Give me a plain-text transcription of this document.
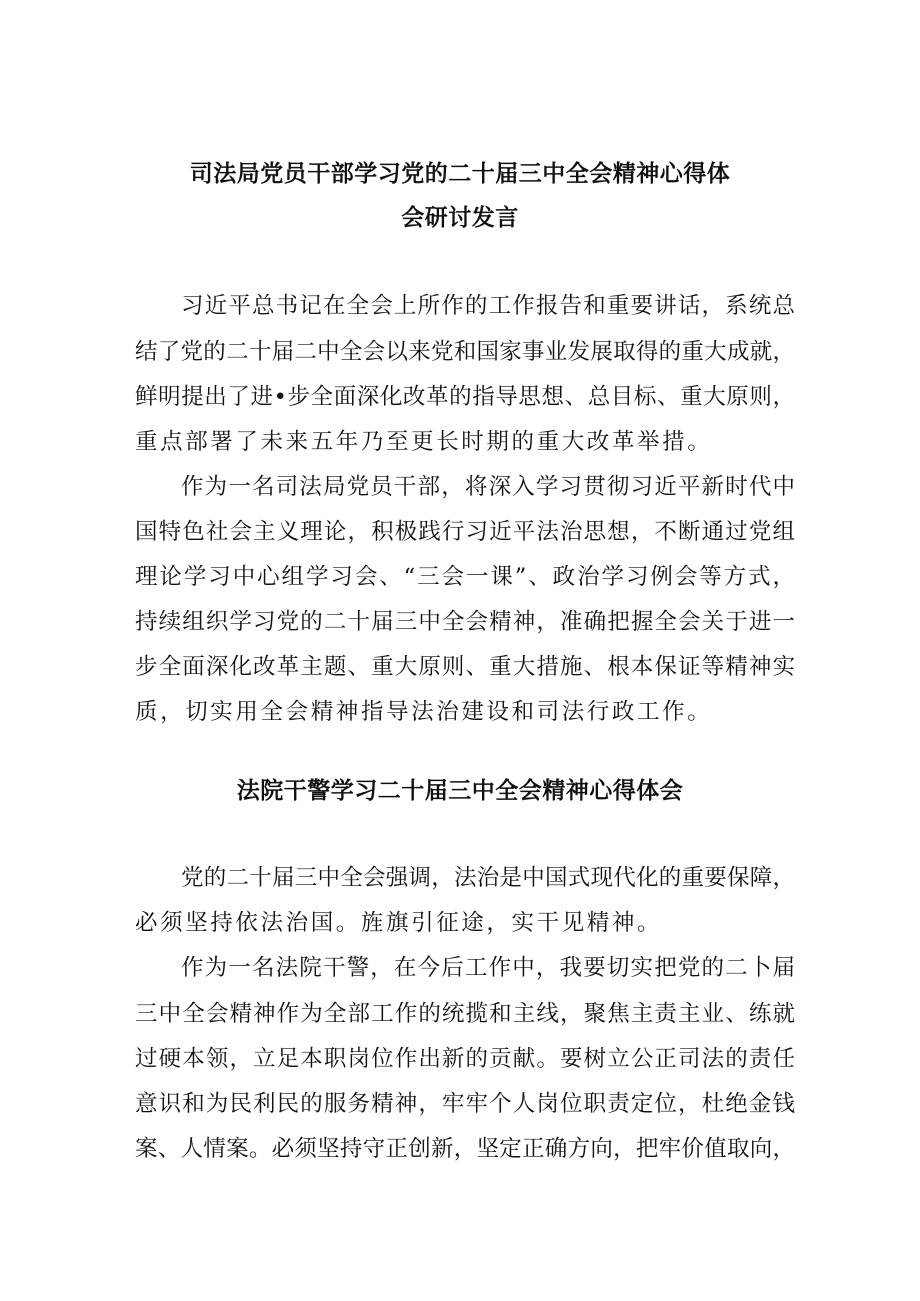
司法局党员干部学习党的二十届三中全会精神心得体
会研讨发言
习近平总书记在全会上所作的工作报告和重要讲话，系统总
结了党的二十届二中全会以来党和国家事业发展取得的重大成就，
鲜明提出了进•步全面深化改革的指导思想、总目标、重大原则，
重点部署了未来五年乃至更长时期的重大改革举措。
作为一名司法局党员干部，将深入学习贯彻习近平新时代中
国特色社会主义理论，积极践行习近平法治思想，不断通过党组
理论学习中心组学习会、“三会一课”、政治学习例会等方式，
持续组织学习党的二十届三中全会精神，准确把握全会关于进一
步全面深化改革主题、重大原则、重大措施、根本保证等精神实
质，切实用全会精神指导法治建设和司法行政工作。
法院干警学习二十届三中全会精神心得体会
党的二十届三中全会强调，法治是中国式现代化的重要保障，
必须坚持依法治国。旌旗引征途，实干见精神。
作为一名法院干警，在今后工作中，我要切实把党的二卜届
三中全会精神作为全部工作的统揽和主线，聚焦主责主业、练就
过硬本领，立足本职岗位作出新的贡献。要树立公正司法的责任
意识和为民利民的服务精神，牢牢个人岗位职责定位，杜绝金钱
案、人情案。必须坚持守正创新，坚定正确方向，把牢价值取向，
